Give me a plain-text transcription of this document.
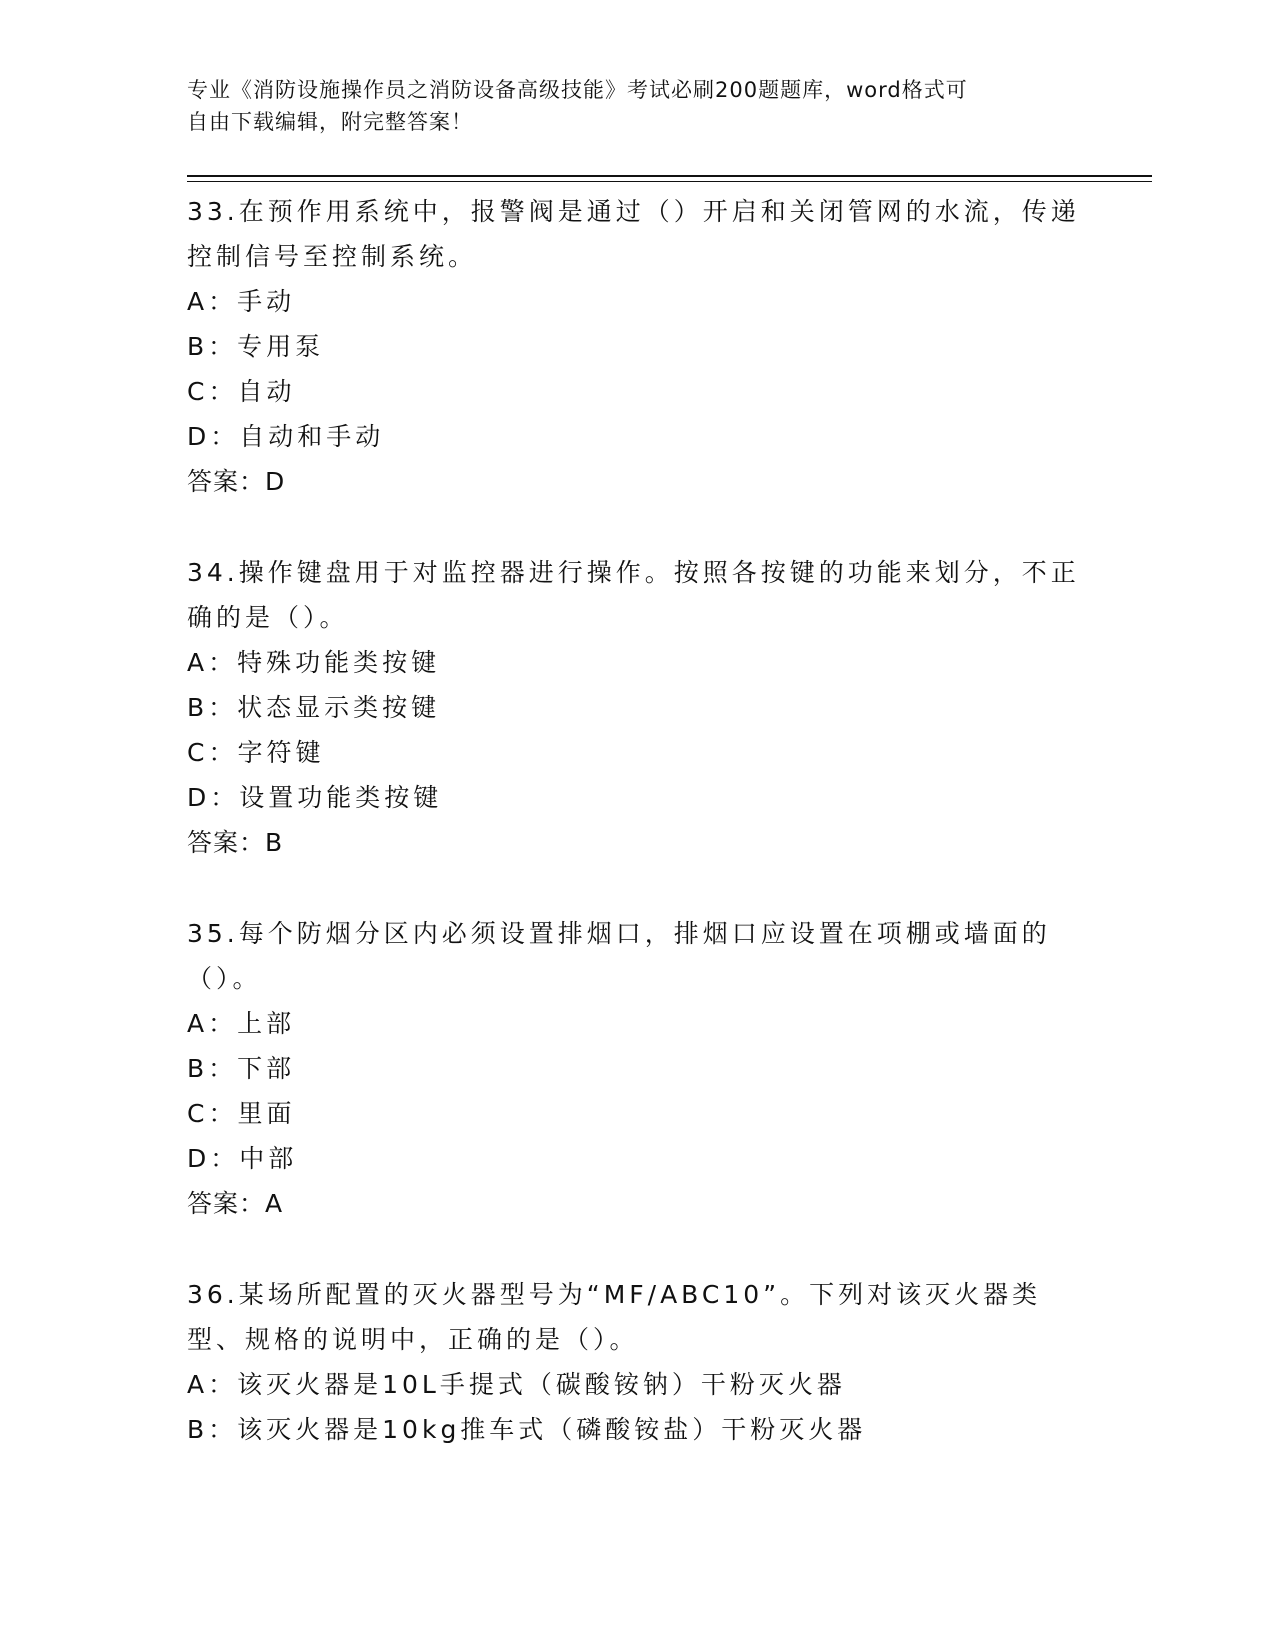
专业《消防设施操作员之消防设备高级技能》考试必刷200题题库，word格式可
自由下载编辑，附完整答案！

33.在预作用系统中，报警阀是通过（）开启和关闭管网的水流，传递控制信号至控制系统。

A：手动

B：专用泵

C：自动

D：自动和手动

答案：D

34.操作键盘用于对监控器进行操作。按照各按键的功能来划分，不正确的是（）。

A：特殊功能类按键

B：状态显示类按键

C：字符键

D：设置功能类按键

答案：B

35.每个防烟分区内必须设置排烟口，排烟口应设置在项棚或墙面的（）。

A：上部

B：下部

C：里面

D：中部

答案：A

36.某场所配置的灭火器型号为“MF/ABC10”。下列对该灭火器类型、规格的说明中，正确的是（）。

A：该灭火器是10L手提式（碳酸铵钠）干粉灭火器

B：该灭火器是10kg推车式（磷酸铵盐）干粉灭火器
